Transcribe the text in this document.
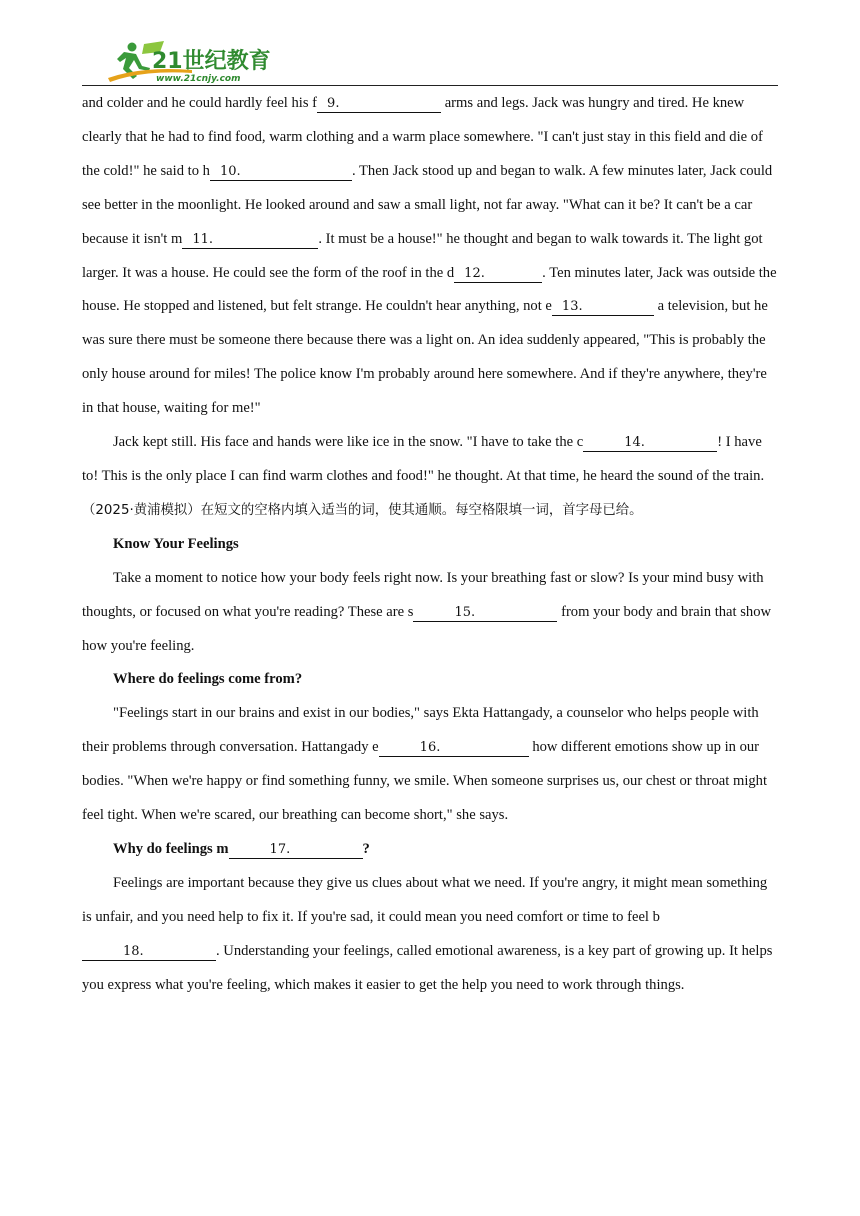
21世纪教育
www.21cnjy.com

and colder and he could hardly feel his f 9.	arms and legs. Jack was hungry and tired. He knew clearly that he had to find food, warm clothing and a warm place somewhere. "I can't just stay in this field and die of the cold!" he said to h 10.	. Then Jack stood up and began to walk. A few minutes later, Jack could see better in the moonlight. He looked around and saw a small light, not far away. "What can it be? It can't be a car because it isn't m 11.	. It must be a house!" he thought and began to walk towards it. The light got larger. It was a house. He could see the form of the roof in the d 12.	. Ten minutes later, Jack was outside the house. He stopped and listened, but felt strange. He couldn't hear anything, not e 13.	a television, but he was sure there must be someone there because there was a light on. An idea suddenly appeared, "This is probably the only house around for miles! The police know I'm probably around here somewhere. And if they're anywhere, they're in that house, waiting for me!"

Jack kept still. His face and hands were like ice in the snow. "I have to take the c	14.	! I have to! This is the only place I can find warm clothes and food!" he thought. At that time, he heard the sound of the train.

（2025·黄浦模拟）在短文的空格内填入适当的词，使其通顺。每空格限填一词，首字母已给。

Know Your Feelings

Take a moment to notice how your body feels right now. Is your breathing fast or slow? Is your mind busy with thoughts, or focused on what you're reading? These are s	15.	from your body and brain that show how you're feeling.

Where do feelings come from?

"Feelings start in our brains and exist in our bodies," says Ekta Hattangady, a counselor who helps people with their problems through conversation. Hattangady e	16.	how different emotions show up in our bodies. "When we're happy or find something funny, we smile. When someone surprises us, our chest or throat might feel tight. When we're scared, our breathing can become short," she says.

Why do feelings m	17.	?

Feelings are important because they give us clues about what we need. If you're angry, it might mean something is unfair, and you need help to fix it. If you're sad, it could mean you need comfort or time to feel b18.	. Understanding your feelings, called emotional awareness, is a key part of growing up. It helps you express what you're feeling, which makes it easier to get the help you need to work through things.
